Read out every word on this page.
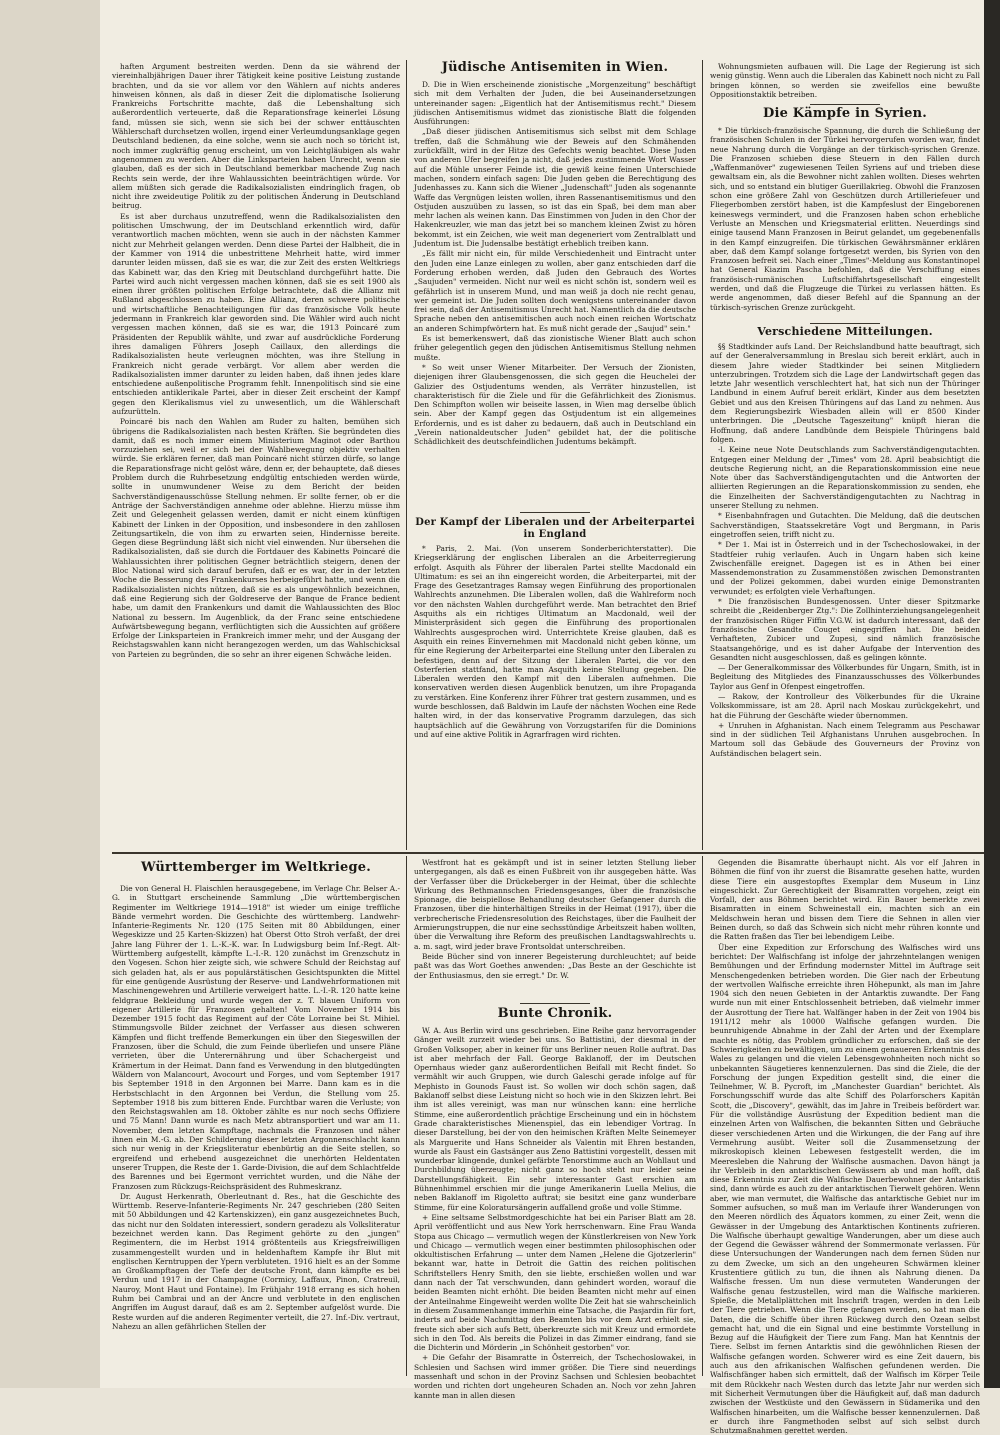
haften Argument bestreiten werden. Denn da sie während der viereinhalbjährigen Dauer ihrer Tätigkeit keine positive Leistung zustande brachten, und da sie vor allem vor den Wählern auf nichts anderes hinweisen können, als daß in dieser Zeit die diplomatische Isolierung Frankreichs Fortschritte machte, daß die Lebenshaltung sich außerordentlich verteuerte, daß die Reparationsfrage keinerlei Lösung fand, müssen sie sich, wenn sie sich bei der schwer enttäuschten Wählerschaft durchsetzen wollen, irgend einer Verleumdungsanklage gegen Deutschland bedienen, da eine solche, wenn sie auch noch so töricht ist, noch immer zugkräftig genug erscheint, um von Leichtgläubigen als wahr angenommen zu werden. Aber die Linksparteien haben Unrecht, wenn sie glauben, daß es der sich in Deutschland bemerkbar machende Zug nach Rechts sein werde, der ihre Wahlaussichten beeinträchtigen würde. Vor allem müßten sich gerade die Radikalsozialisten eindringlich fragen, ob nicht ihre zweideutige Politik zu der politischen Änderung in Deutschland beitrug.

Es ist aber durchaus unzutreffend, wenn die Radikalsozialisten den politischen Umschwung, der im Deutschland erkenntlich wird, dafür verantwortlich machen möchten, wenn sie auch in der nächsten Kammer nicht zur Mehrheit gelangen werden. Denn diese Partei der Halbheit, die in der Kammer von 1914 die unbestrittene Mehrheit hatte, wird immer darunter leiden müssen, daß sie es war, die zur Zeit des ersten Weltkriegs das Kabinett war, das den Krieg mit Deutschland durchgeführt hatte. Die Partei wird auch nicht vergessen machen können, daß sie es seit 1900 als einen ihrer größten politischen Erfolge betrachtete, daß die Allianz mit Rußland abgeschlossen zu haben. Eine Allianz, deren schwere politische und wirtschaftliche Benachteiligungen für das französische Volk heute jedermann in Frankreich klar geworden sind. Die Wähler wird auch nicht vergessen machen können, daß sie es war, die 1913 Poincaré zum Präsidenten der Republik wählte, und zwar auf ausdrückliche Forderung ihres damaligen Führers Joseph Caillaux, den allerdings die Radikalsozialisten heute verleugnen möchten, was ihre Stellung in Frankreich nicht gerade verbärgt. Vor allem aber werden die Radikalsozialisten immer darunter zu leiden haben, daß ihnen jedes klare entschiedene außenpolitische Programm fehlt. Innenpolitisch sind sie eine entschieden antiklerikale Partei, aber in dieser Zeit erscheint der Kampf gegen den Klerikalismus viel zu unwesentlich, um die Wählerschaft aufzurütteln.

Poincaré bis nach den Wahlen am Ruder zu halten, bemühen sich übrigens die Radikalsozialisten nach besten Kräften. Sie begründeten dies damit, daß es noch immer einem Ministerium Maginot oder Barthou vorzuziehen sei, weil er sich bei der Wahlbewegung objektiv verhalten würde. Sie erklären ferner, daß man Poincaré nicht stürzen dürfe, so lange die Reparationsfrage nicht gelöst wäre, denn er, der behauptete, daß dieses Problem durch die Ruhrbesetzung endgültig entschieden werden würde, sollte in unumwundener Weise zu dem Bericht der beiden Sachverständigenausschüsse Stellung nehmen. Er sollte ferner, ob er die Anträge der Sachverständigen annehme oder ablehne. Hierzu müsse ihm Zeit und Gelegenheit gelassen werden, damit er nicht einem künftigen Kabinett der Linken in der Opposition, und insbesondere in den zahllosen Zeitungsartikeln, die von ihm zu erwarten seien, Hindernisse bereite. Gegen diese Begründung läßt sich nicht viel einwenden. Nur übersehen die Radikalsozialisten, daß sie durch die Fortdauer des Kabinetts Poincaré die Wahlaussichten ihrer politischen Gegner beträchtlich steigern, denen der Bloc National wird sich darauf berufen, daß er es war, der in der letzten Woche die Besserung des Frankenkurses herbeigeführt hatte, und wenn die Radikalsozialisten nichts nützen, daß sie es als ungewöhnlich bezeichnen, daß eine Regierung sich der Goldreserve der Banque de France bedient habe, um damit den Frankenkurs und damit die Wahlaussichten des Bloc National zu bessern. Im Augenblick, da der Franc seine entschiedene Aufwärtsbewegung begann, verflüchtigten sich die Aussichten auf größere Erfolge der Linksparteien in Frankreich immer mehr, und der Ausgang der Reichstagswahlen kann nicht herangezogen werden, um das Wahlschicksal von Parteien zu begründen, die so sehr an ihrer eigenen Schwäche leiden.

Jüdische Antisemiten in Wien.

D. Die in Wien erscheinende zionistische „Morgenzeitung" beschäftigt sich mit dem Verhalten der Juden, die bei Auseinandersetzungen untereinander sagen: „Eigentlich hat der Antisemitismus recht." Diesem jüdischen Antisemitismus widmet das zionistische Blatt die folgenden Ausführungen:

„Daß dieser jüdischen Antisemitismus sich selbst mit dem Schlage treffen, daß die Schmähung wie der Beweis auf den Schmähenden zurückfällt, wird in der Hitze des Gefechts wenig beachtet. Diese Juden von anderen Ufer begreifen ja nicht, daß jedes zustimmende Wort Wasser auf die Mühle unserer Feinde ist, die gewiß keine feinen Unterschiede machen, sondern einfach sagen: Die Juden geben die Berechtigung des Judenhasses zu. Kann sich die Wiener „Judenschaft" Juden als sogenannte Waffe das Vergnügen leisten wollen, ihren Rassenantisemitismus und den Ostjuden auszuüben zu lassen, so ist das ein Spaß, bei dem man aber mehr lachen als weinen kann. Das Einstimmen von Juden in den Chor der Hakenkreuzler, wie man das jetzt bei so manchem kleinen Zwist zu hören bekommt, ist ein Zeichen, wie weit man degeneriert vom Zentralblatt und Judentum ist. Die Judensalbe bestätigt erheblich treiben kann.

„Es fällt mir nicht ein, für milde Verschiedenheit und Eintracht unter den Juden eine Lanze einlegen zu wollen, aber ganz entschieden darf die Forderung erhoben werden, daß Juden den Gebrauch des Wortes „Saujuden" vermeiden. Nicht nur weil es nicht schön ist, sondern weil es gefährlich ist in unserem Mund, und man weiß ja doch nie recht genau, wer gemeint ist. Die Juden sollten doch wenigstens untereinander davon frei sein, daß der Antisemitismus Unrecht hat. Namentlich da die deutsche Sprache neben den antisemitischen auch noch einen reichen Wortschatz an anderen Schimpfwörtern hat. Es muß nicht gerade der „Saujud" sein."

Es ist bemerkenswert, daß das zionistische Wiener Blatt auch schon früher gelegentlich gegen den jüdischen Antisemitismus Stellung nehmen mußte.

* So weit unser Wiener Mitarbeiter. Der Versuch der Zionisten, diejenigen ihrer Glaubensgenossen, die sich gegen die Heuchelei der Galizier des Ostjudentums wenden, als Verräter hinzustellen, ist charakteristisch für die Ziele und für die Gefährlichkeit des Zionismus. Den Schimpfton wollen wir beiseite lassen, in Wien mag derselbe üblich sein. Aber der Kampf gegen das Ostjudentum ist ein allgemeines Erfordernis, und es ist daher zu bedauern, daß auch in Deutschland ein „Verein nationaldeutscher Juden" gebildet hat, der die politische Schädlichkeit des deutschfeindlichen Judentums bekämpft.

Der Kampf der Liberalen und der Arbeiterpartei in England

* Paris, 2. Mai. (Von unserem Sonderberichterstatter). Die Kriegserklärung der englischen Liberalen an die Arbeiterregierung erfolgt. Asquith als Führer der liberalen Partei stellte Macdonald ein Ultimatum: es sei an ihn eingereicht worden, die Arbeiterpartei, mit der Frage des Gesetzantrages Ramsay wegen Einführung des proportionalen Wahlrechts anzunehmen. Die Liberalen wollen, daß die Wahlreform noch vor den nächsten Wahlen durchgeführt werde. Man betrachtet den Brief Asquiths als ein richtiges Ultimatum an Macdonald, weil der Ministerpräsident sich gegen die Einführung des proportionalen Wahlrechts ausgesprochen wird. Unterrichtete Kreise glauben, daß es Asquith ein reines Einvernehmen mit Macdonald nicht geben könne, um für eine Regierung der Arbeiterpartei eine Stellung unter den Liberalen zu befestigen, denn auf der Sitzung der Liberalen Partei, die vor den Osterferien stattfand, hatte man Asquith keine Stellung gegeben. Die Liberalen werden den Kampf mit den Liberalen aufnehmen. Die konservativen werden diesen Augenblick benutzen, um ihre Propaganda zu verstärken. Eine Konferenz ihrer Führer trat gestern zusammen, und es wurde beschlossen, daß Baldwin im Laufe der nächsten Wochen eine Rede halten wird, in der das konservative Programm darzulegen, das sich hauptsächlich auf die Gewährung von Vorzugstarifen für die Dominions und auf eine aktive Politik in Agrarfragen wird richten.

Wohnungsmieten aufbauen will. Die Lage der Regierung ist sich wenig günstig. Wenn auch die Liberalen das Kabinett noch nicht zu Fall bringen können, so werden sie zweifellos eine bewußte Oppositionstaktik betreiben.

Die Kämpfe in Syrien.

* Die türkisch-französische Spannung, die durch die Schließung der französischen Schulen in der Türkei hervorgerufen worden war, findet neue Nahrung durch die Vorgänge an der türkisch-syrischen Grenze. Die Franzosen schieben diese Steuern in den Fällen durch „Waffenmanöver" zugewiesenen Teilen Syriens auf und trieben diese gewaltsam ein, als die Bewohner nicht zahlen wollten. Dieses wehrten sich, und so entstand ein blutiger Guerillakrieg. Obwohl die Franzosen schon eine größere Zahl von Geschützen durch Artilleriefeuer und Fliegerbomben zerstört haben, ist die Kampfeslust der Eingeborenen keineswegs vermindert, und die Franzosen haben schon erhebliche Verluste an Menschen und Kriegsmaterial erlitten. Neuerdings sind einige tausend Mann Franzosen in Beirut gelandet, um gegebenenfalls in den Kampf einzugreifen. Die türkischen Gewährsmänner erklären aber, daß dem Kampf solange fortgesetzt werden, bis Syrien von den Franzosen befreit sei. Nach einer „Times"-Meldung aus Konstantinopel hat General Kiazim Pascha befohlen, daß die Verschiffung eines französisch-rumänischen Luftschiffahrtsgesellschaft eingestellt werden, und daß die Flugzeuge die Türkei zu verlassen hätten. Es werde angenommen, daß dieser Befehl auf die Spannung an der türkisch-syrischen Grenze zurückgeht.

Verschiedene Mitteilungen.

§§ Stadtkinder aufs Land. Der Reichslandbund hatte beauftragt, sich auf der Generalversammlung in Breslau sich bereit erklärt, auch in diesem Jahre wieder Stadtkinder bei seinen Mitgliedern unterzubringen. Trotzdem sich die Lage der Landwirtschaft gegen das letzte Jahr wesentlich verschlechtert hat, hat sich nun der Thüringer Landbund in einem Aufruf bereit erklärt, Kinder aus dem besetzten Gebiet und aus den Kreisen Thüringens auf das Land zu nehmen. Aus dem Regierungsbezirk Wiesbaden allein will er 8500 Kinder unterbringen. Die „Deutsche Tageszeitung" knüpft hieran die Hoffnung, daß andere Landbünde dem Beispiele Thüringens bald folgen.

-l. Keine neue Note Deutschlands zum Sachverständigengutachten. Entgegen einer Meldung der „Times" vom 28. April beabsichtigt die deutsche Regierung nicht, an die Reparationskommission eine neue Note über das Sachverständigengutachten und die Antworten der alliierten Regierungen an die Reparationskommission zu senden, ehe die Einzelheiten der Sachverständigengutachten zu Nachtrag in unserer Stellung zu nehmen.

* Eisenbahnfragen und Gutachten. Die Meldung, daß die deutschen Sachverständigen, Staatssekretäre Vogt und Bergmann, in Paris eingetroffen seien, trifft nicht zu.

* Der 1. Mai ist in Österreich und in der Tschechoslowakei, in der Stadtfeier ruhig verlaufen. Auch in Ungarn haben sich keine Zwischenfälle ereignet. Dagegen ist es in Athen bei einer Massendemonstration zu Zusammenstößen zwischen Demonstranten und der Polizei gekommen, dabei wurden einige Demonstranten verwundet; es erfolgten viele Verhaftungen.

* Die französischen Bundesgenossen. Unter dieser Spitzmarke schreibt die „Reidenberger Ztg.": Die Zollhinterziehungsangelegenheit der französischen Rüger Fiffin V.G.W. ist dadurch interessant, daß der französische Gesandte Couget eingegriffen hat. Die beiden Verhafteten, Zubicer und Zupesi, sind nämlich französische Staatsangehörige, und es ist daher Aufgabe der Intervention des Gesandten nicht ausgeschlossen, daß es gelingen könnte.

— Der Generalkommissar des Völkerbundes für Ungarn, Smith, ist in Begleitung des Mitgliedes des Finanzausschusses des Völkerbundes Taylor aus Genf in Ofenpest eingetroffen.

— Rakow, der Kontrolleur des Völkerbundes für die Ukraine Volkskommissare, ist am 28. April nach Moskau zurückgekehrt, und hat die Führung der Geschäfte wieder übernommen.

+ Unruhen in Afghanistan. Nach einem Telegramm aus Peschawar sind in der südlichen Teil Afghanistans Unruhen ausgebrochen. In Martoum soll das Gebäude des Gouverneurs der Provinz von Aufständischen belagert sein.

Württemberger im Weltkriege.

Die von General H. Flaischlen herausgegebene, im Verlage Chr. Belser A.-G. in Stuttgart erscheinende Sammlung „Die württembergischen Regimenter im Weltkriege 1914—1918" ist wieder um einige treffliche Bände vermehrt worden. Die Geschichte des württemberg. Landwehr-Infanterie-Regiments Nr. 120 (175 Seiten mit 80 Abbildungen, einer Wegeskizze und 25 Karten-Skizzen) hat Oberst Otto Stroh verfaßt, der drei Jahre lang Führer der 1. L.-K.-K. war. In Ludwigsburg beim Inf.-Regt. Alt-Württemberg aufgestellt, kämpfte L.-I.-R. 120 zunächst im Grenzschutz in den Vogesen. Schon hier zeigte sich, wie schwere Schuld der Reichstag auf sich geladen hat, als er aus populärstätischen Gesichtspunkten die Mittel für eine genügende Ausrüstung der Reserve- und Landwehrformationen mit Maschinengewehren und Artillerie verweigert hatte. L.-I.-R. 120 hatte keine feldgraue Bekleidung und wurde wegen der z. T. blauen Uniform von eigener Artillerie für Franzosen gehalten! Vom November 1914 bis Dezember 1915 focht das Regiment auf der Côte Lorraine bei St. Mihiel. Stimmungsvolle Bilder zeichnet der Verfasser aus diesen schweren Kämpfen und flicht treffende Bemerkungen ein über den Siegeswillen der Franzosen, über die Schuld, die zum Feinde überliefen und unsere Pläne verrieten, über die Unterernährung und über Schachergeist und Krämertum in der Heimat. Dann fand es Verwendung in den blutgedüngten Wäldern von Malancourt, Avocourt und Forges, und vom September 1917 bis September 1918 in den Argonnen bei Marre. Dann kam es in die Herbstschlacht in den Argonnen bei Verdun, die Stellung vom 25. September 1918 bis zum bitteren Ende. Furchtbar waren die Verluste; von den Reichstagswahlen am 18. Oktober zählte es nur noch sechs Offiziere und 75 Mann! Dann wurde es nach Metz abtransportiert und war am 11. November, dem letzten Kampftage, nachmals die Franzosen und näher ihnen ein M.-G. ab. Der Schilderung dieser letzten Argonnenschlacht kann sich nur wenig in der Kriegsliteratur ebenbürtig an die Seite stellen, so ergreifend und erhebend ausgezeichnet die unerhörten Heldentaten unserer Truppen, die Reste der 1. Garde-Division, die auf dem Schlachtfelde des Barennes und bei Egermont verrichtet wurden, und die Nähe der Franzosen zum Rückzugs-Reichspräsident des Ruhmeskranz.

Dr. August Herkenrath, Oberleutnant d. Res., hat die Geschichte des Württemb. Reserve-Infanterie-Regiments Nr. 247 geschrieben (280 Seiten mit 50 Abbildungen und 42 Kartenskizzen), ein ganz ausgezeichnetes Buch, das nicht nur den Soldaten interessiert, sondern geradezu als Volksliteratur bezeichnet werden kann. Das Regiment gehörte zu den „jungen" Regimentern, die im Herbst 1914 größtenteils aus Kriegsfreiwilligen zusammengestellt wurden und in heldenhaftem Kampfe ihr Blut mit englischen Kerntruppen der Ypern verbluteten. 1916 hielt es an der Somme an Großkampftagen der Tiefe der deutsche Front, dann kämpfte es bei Verdun und 1917 in der Champagne (Cormicy, Laffaux, Pinon, Cratreuil, Nauroy, Mont Haut und Fontaine). Im Frühjahr 1918 errang es sich hohen Ruhm bei Cambrai und an der Ancre und verblutete in den englischen Angriffen im August darauf, daß es am 2. September aufgelöst wurde. Die Reste wurden auf die anderen Regimenter verteilt, die 27. Inf.-Div. vertraut, Nahezu an allen gefährlichen Stellen der

Westfront hat es gekämpft und ist in seiner letzten Stellung lieber untergegangen, als daß es einen Fußbreit von ihr ausgegeben hätte. Was der Verfasser über die Drückeberger in der Heimat, über die schlechte Wirkung des Bethmannschen Friedensgesanges, über die französische Spionage, die beispiellose Behandlung deutscher Gefangener durch die Franzosen, über die hinterhältigen Streiks in der Heimat (1917), über die verbrecherische Friedensresolution des Reichstages, über die Faulheit der Armierungstruppen, die nur eine sechsstündige Arbeitszeit haben wollten, über die Verwaltung ihre Reform des preußischen Landtagswahlrechts u. a. m. sagt, wird jeder brave Frontsoldat unterschreiben.

Beide Bücher sind von innerer Begeisterung durchleuchtet; auf beide paßt was das Wort Goethes anwenden: „Das Beste an der Geschichte ist der Enthusiasmus, den sie erregt." Dr. W.

Bunte Chronik.

W. A. Aus Berlin wird uns geschrieben. Eine Reihe ganz hervorragender Gänger weilt zurzeit wieder bei uns. So Battistini, der diesmal in der Großen Volksoper, aber in keiner für uns Berliner neuen Rolle auftrat. Das ist aber mehrfach der Fall. George Baklanoff, der im Deutschen Opernhaus wieder ganz außerordentlichen Beifall mit Recht findet. So vermählt wir auch Gruppen, wie durch Galeschi gerade infolge auf für Mephisto in Gounods Faust ist. So wollen wir doch schön sagen, daß Baklanoff selbst diese Leistung nicht so hoch wie in den Skizzen lehrt. Bei ihm ist alles vereinigt, was man nur wünschen kann: eine herrliche Stimme, eine außerordentlich prächtige Erscheinung und ein in höchstem Grade charakteristisches Mienenspiel, das ein lebendiger Vortrag. In dieser Darstellung, bei der von den heimischen Kräften Melte Seinemeyer als Marguerite und Hans Schneider als Valentin mit Ehren bestanden, wurde als Faust ein Gastsänger aus Zeno Battistini vorgestellt, dessen mit wunderbar klingende, dunkel gefärbte Tenorstimme auch an Wohllaut und Durchbildung überzeugte; nicht ganz so hoch steht nur leider seine Darstellungsfähigkeit. Ein sehr interessanter Gast erschien am Bühnenhimmel erschien mir die junge Amerikanerin Luella Melius, die neben Baklanoff im Rigoletto auftrat; sie besitzt eine ganz wunderbare Stimme, für eine Koloratursängerin auffallend große und volle Stimme.

+ Eine seltsame Selbstmordgeschichte hat bei ein Pariser Blatt am 28. April veröffentlicht und aus New York herrschenwarn. Eine Frau Wanda Stopa aus Chicago — vermutlich wegen der Künstlerkreisen von New York und Chicago — vermutlich wegen einer bestimmten philosophischen oder okkultistischen Erfahrung — unter dem Namen „Helene die Gjotzerlerin" bekannt war, hatte in Detroit die Gattin des reichen politischen Schriftstellers Henry Smith, den sie liebte, erschießen wollen und war dann nach der Tat verschwunden, dann gehindert worden, worauf die beiden Beamten nicht erhöht. Die beiden Beamten nicht mehr auf einen der Anteilnahme Eingeweiht werden wollte Die Zeit hat sie wahrscheinlich in diesem Zusammenhange immerhin eine Tatsache, die Pasjardin für fort, inderts auf beide Nachmittag den Beamten bis vor dem Arzt erhielt sie, freute sich aber sich aufs Bett, überkreuzte sich mit Kreuz und ermordete sich in den Tod. Als bereits die Polizei in das Zimmer eindrang, fand sie die Dichterin und Mörderin „in Schönheit gestorben" vor.

+ Die Gefahr der Bisamratte in Österreich, der Tschechoslowakei, in Schlesien und Sachsen wird immer größer. Die Tiere sind neuerdings massenhaft und schon in der Provinz Sachsen und Schlesien beobachtet worden und richten dort ungeheuren Schaden an. Noch vor zehn Jahren kannte man in allen diesen

Gegenden die Bisamratte überhaupt nicht. Als vor elf Jahren in Böhmen die fünf von ihr zuerst die Bisamratte gesehen hatte, wurden diese Tiere ein ausgestopftes Exemplar dem Museum in Linz eingeschickt. Zur Gerechtigkeit der Bisamratten vorgehen, zeigt ein Vorfall, der aus Böhmen berichtet wird. Ein Bauer bemerkte zwei Bisamratten in einem Schweinestall ein, machten sich an ein Meldschwein heran und bissen dem Tiere die Sehnen in allen vier Beinen durch, so daß das Schwein sich nicht mehr rühren konnte und die Ratten fraßen das Tier bei lebendigem Leibe.

Über eine Expedition zur Erforschung des Walfisches wird uns berichtet: Der Walfischfang ist infolge der jahrzehntelangen wenigen Bemühungen und der Erfindung modernster Mittel im Auftrage seit Menschengedenken betrieben worden. Die Gier nach der Erbeutung der wertvollen Walfische erreichte ihren Höhepunkt, als man im Jahre 1904 sich den neuen Gebieten in der Antarktis zuwandte. Der Fang wurde nun mit einer Entschlossenheit betrieben, daß vielmehr immer der Ausrottung der Tiere hat. Walfänger haben in der Zeit von 1904 bis 1911/12 mehr als 10000 Walfische gefangen wurden. Die beunruhigende Abnahme in der Zahl der Arten und der Exemplare machte es nötig, das Problem gründlicher zu erforschen, daß sie der Schwierigkeiten zu bewältigen, um zu einem genaueren Erkenntnis des Wales zu gelangen und die vielen Lebensgewohnheiten noch nicht so unbekannten Säugetieres kennenzulernen. Das sind die Ziele, die der Forschung der jungen Expedition gestellt sind, die einer die Teilnehmer, W. B. Pycroft, im „Manchester Guardian" berichtet. Als Forschungsschiff wurde das alte Schiff des Polarforschers Kapitän Scott, die „Discovery", gewählt, das im Jahre in Treibeis befördert war. Für die vollständige Ausrüstung der Expedition bedient man die einzelnen Arten von Walfischen, die bekannten Sitten und Gebräuche dieser verschiedenen Arten und die Wirkungen, die der Fang auf ihre Vermehrung ausübt. Weiter soll die Zusammensetzung der mikroskopisch kleinen Lebewesen festgestellt werden, die im Meeresleben die Nahrung der Walfische ausmachen. Davon hängt ja ihr Verbleib in den antarktischen Gewässern ab und man hofft, daß diese Erkenntnis zur Zeit die Walfische Dauerbewohner der Antarktis sind, dann würde es auch zu der antarktischen Tierwelt gehören. Wenn aber, wie man vermutet, die Walfische das antarktische Gebiet nur im Sommer aufsuchen, so muß man im Verlaufe ihrer Wanderungen von den Meeren nördlich des Äquators kommen, zu einer Zeit, wenn die Gewässer in der Umgebung des Antarktischen Kontinents zufrieren. Die Walfische überhaupt gewaltige Wanderungen, aber um diese auch der Gegend die Gewässer während der Sommermonate verlassen. Für diese Untersuchungen der Wanderungen nach dem fernen Süden nur zu dem Zwecke, um sich an den ungeheuren Schwärmen kleiner Krustentiere gütlich zu tun, die ihnen als Nahrung dienen. Da Walfische fressen. Um nun diese vermuteten Wanderungen der Walfische genau festzustellen, wird man die Walfische markieren. Spieße, die Metallplättchen mit Inschrift tragen, werden in den Leib der Tiere getrieben. Wenn die Tiere gefangen werden, so hat man die Daten, die die Schiffe über ihren Rückweg durch den Ozean selbst gemacht hat, und die ein Signal und eine bestimmte Vorstellung in Bezug auf die Häufigkeit der Tiere zum Fang. Man hat Kenntnis der Tiere. Selbst im fernen Antarktis sind die gewöhnlichen Riesen der Walfische gefangen worden. Schwerer wird es eine Zeit dauern, bis auch aus den afrikanischen Walfischen gefundenen werden. Die Walfischfänger haben sich ermittelt, daß der Walfisch im Körper Teile mit dem Rückkehr nach Westen durch das letzte Jahr nur werden sich mit Sicherheit Vermutungen über die Häufigkeit auf, daß man dadurch zwischen der Westküste und den Gewässern in Südamerika und den Walfischen hinarbeiten, um die Walfische besser kennenzulernen. Daß er durch ihre Fangmethoden selbst auf sich selbst durch Schutzmaßnahmen gerettet werden.
